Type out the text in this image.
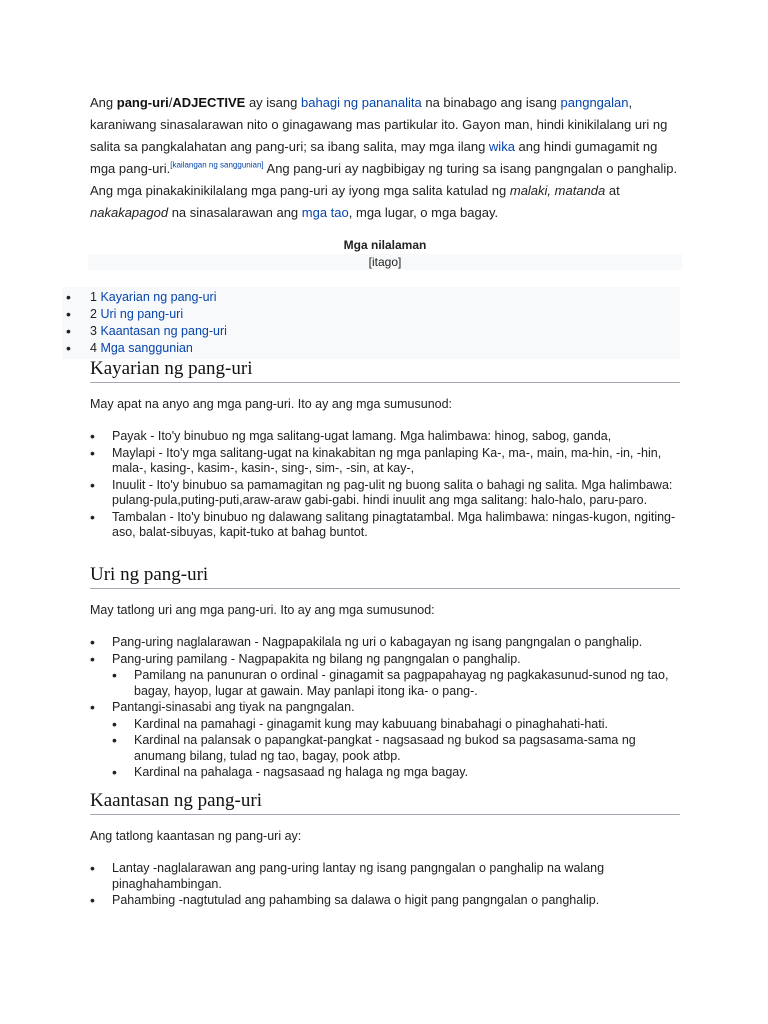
Ang pang-uri/ADJECTIVE ay isang bahagi ng pananalita na binabago ang isang pangngalan, karaniwang sinasalarawan nito o ginagawang mas partikular ito. Gayon man, hindi kinikilalang uri ng salita sa pangkalahatan ang pang-uri; sa ibang salita, may mga ilang wika ang hindi gumagamit ng mga pang-uri.[kailangan ng sanggunian] Ang pang-uri ay nagbibigay ng turing sa isang pangngalan o panghalip. Ang mga pinakakinikilalang mga pang-uri ay iyong mga salita katulad ng malaki, matanda at nakakapagod na sinasalarawan ang mga tao, mga lugar, o mga bagay.

Mga nilalaman
[itago]
• 1 Kayarian ng pang-uri
• 2 Uri ng pang-uri
• 3 Kaantasan ng pang-uri
• 4 Mga sanggunian
Kayarian ng pang-uri

May apat na anyo ang mga pang-uri. Ito ay ang mga sumusunod:

• Payak - Ito'y binubuo ng mga salitang-ugat lamang. Mga halimbawa: hinog, sabog, ganda,
• Maylapi - Ito'y mga salitang-ugat na kinakabitan ng mga panlaping Ka-, ma-, main, ma-hin, -in, -hin, mala-, kasing-, kasim-, kasin-, sing-, sim-, -sin, at kay-,
• Inuulit - Ito'y binubuo sa pamamagitan ng pag-ulit ng buong salita o bahagi ng salita. Mga halimbawa: pulang-pula,puting-puti,araw-araw gabi-gabi. hindi inuulit ang mga salitang: halo-halo, paru-paro.
• Tambalan - Ito'y binubuo ng dalawang salitang pinagtatambal. Mga halimbawa: ningas-kugon, ngiting-aso, balat-sibuyas, kapit-tuko at bahag buntot.
Uri ng pang-uri

May tatlong uri ang mga pang-uri. Ito ay ang mga sumusunod:

• Pang-uring naglalarawan - Nagpapakilala ng uri o kabagayan ng isang pangngalan o panghalip.
• Pang-uring pamilang - Nagpapakita ng bilang ng pangngalan o panghalip.
• Pamilang na panunuran o ordinal - ginagamit sa pagpapahayag ng pagkakasunud-sunod ng tao, bagay, hayop, lugar at gawain. May panlapi itong ika- o pang-.
• Pantangi-sinasabi ang tiyak na pangngalan.
• Kardinal na pamahagi - ginagamit kung may kabuuang binabahagi o pinaghahati-hati.
• Kardinal na palansak o papangkat-pangkat - nagsasaad ng bukod sa pagsasama-sama ng anumang bilang, tulad ng tao, bagay, pook atbp.
• Kardinal na pahalaga - nagsasaad ng halaga ng mga bagay.
Kaantasan ng pang-uri

Ang tatlong kaantasan ng pang-uri ay:

• Lantay -naglalarawan ang pang-uring lantay ng isang pangngalan o panghalip na walang pinaghahambingan.
• Pahambing -nagtutulad ang pahambing sa dalawa o higit pang pangngalan o panghalip.
